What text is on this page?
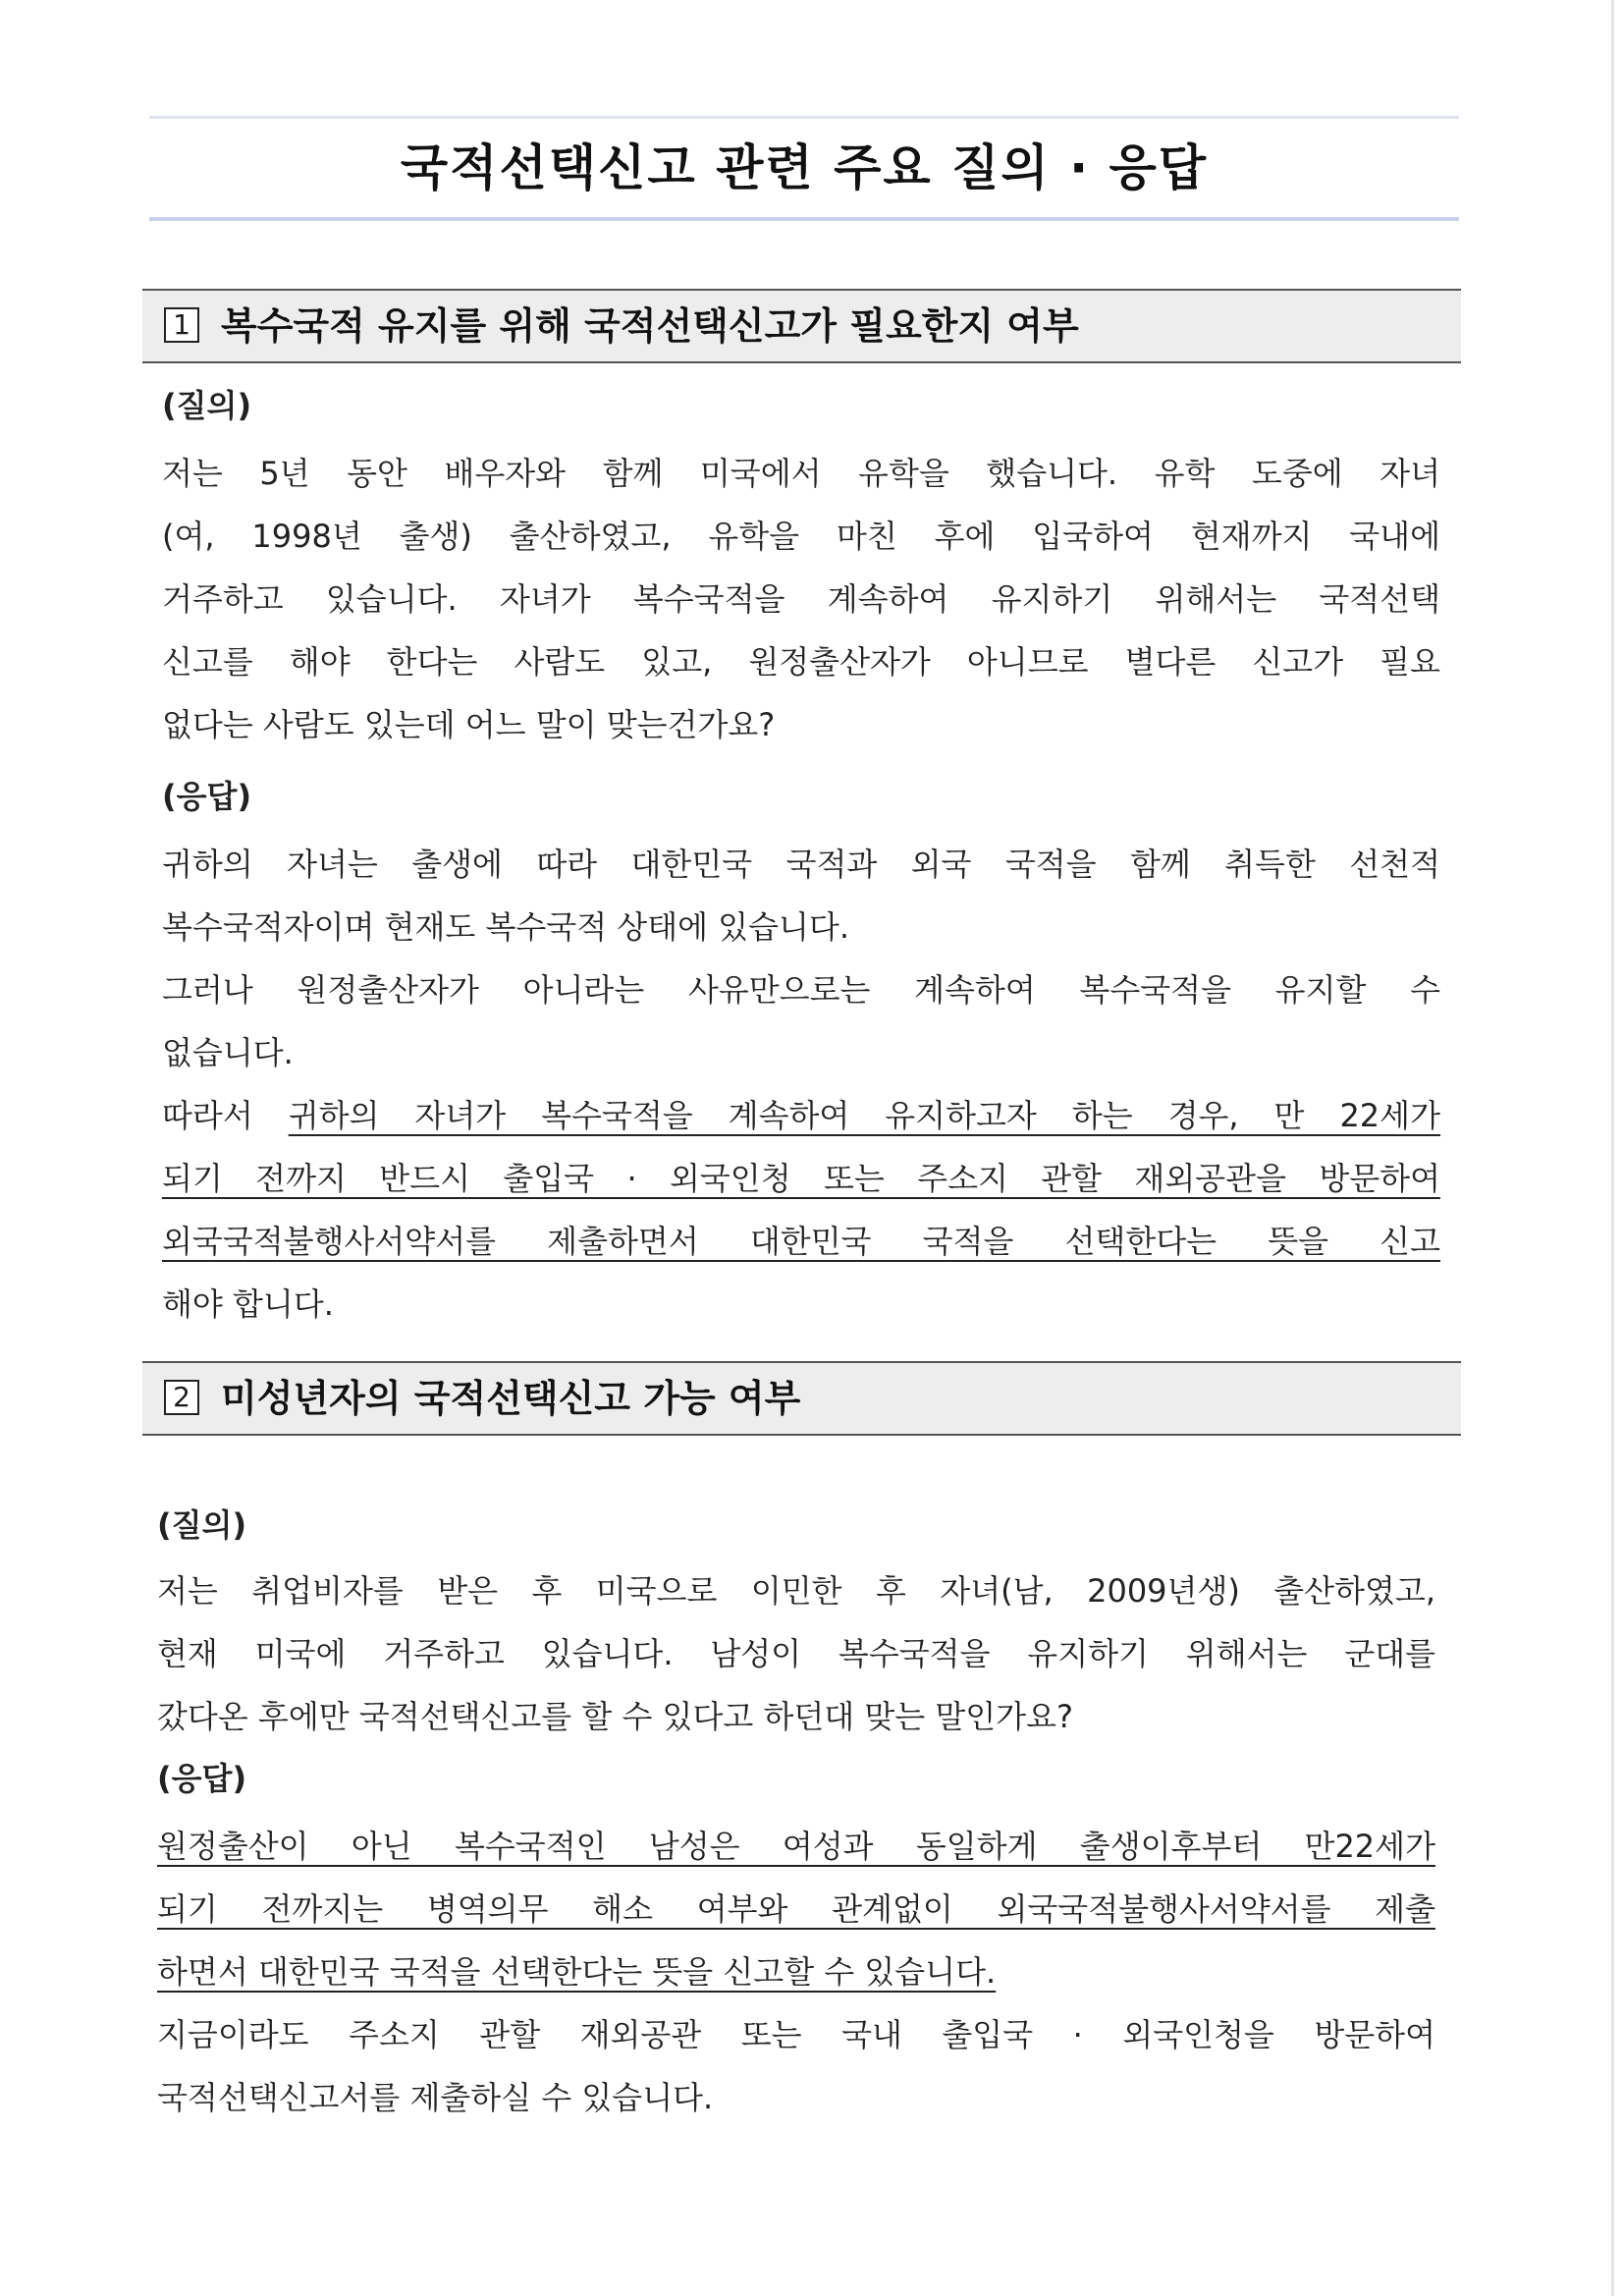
국적선택신고 관련 주요 질의 · 응답
1 복수국적 유지를 위해 국적선택신고가 필요한지 여부
(질의)
저는 5년 동안 배우자와 함께 미국에서 유학을 했습니다. 유학 도중에 자녀
(여, 1998년 출생) 출산하였고, 유학을 마친 후에 입국하여 현재까지 국내에
거주하고 있습니다. 자녀가 복수국적을 계속하여 유지하기 위해서는 국적선택
신고를 해야 한다는 사람도 있고, 원정출산자가 아니므로 별다른 신고가 필요
없다는 사람도 있는데 어느 말이 맞는건가요?
(응답)
귀하의 자녀는 출생에 따라 대한민국 국적과 외국 국적을 함께 취득한 선천적
복수국적자이며 현재도 복수국적 상태에 있습니다.
그러나 원정출산자가 아니라는 사유만으로는 계속하여 복수국적을 유지할 수
없습니다.
따라서 귀하의 자녀가 복수국적을 계속하여 유지하고자 하는 경우, 만 22세가
되기 전까지 반드시 출입국 · 외국인청 또는 주소지 관할 재외공관을 방문하여
외국국적불행사서약서를 제출하면서 대한민국 국적을 선택한다는 뜻을 신고
해야 합니다.
2 미성년자의 국적선택신고 가능 여부
(질의)
저는 취업비자를 받은 후 미국으로 이민한 후 자녀(남, 2009년생) 출산하였고,
현재 미국에 거주하고 있습니다. 남성이 복수국적을 유지하기 위해서는 군대를
갔다온 후에만 국적선택신고를 할 수 있다고 하던대 맞는 말인가요?
(응답)
원정출산이 아닌 복수국적인 남성은 여성과 동일하게 출생이후부터 만22세가
되기 전까지는 병역의무 해소 여부와 관계없이 외국국적불행사서약서를 제출
하면서 대한민국 국적을 선택한다는 뜻을 신고할 수 있습니다.
지금이라도 주소지 관할 재외공관 또는 국내 출입국 · 외국인청을 방문하여
국적선택신고서를 제출하실 수 있습니다.
